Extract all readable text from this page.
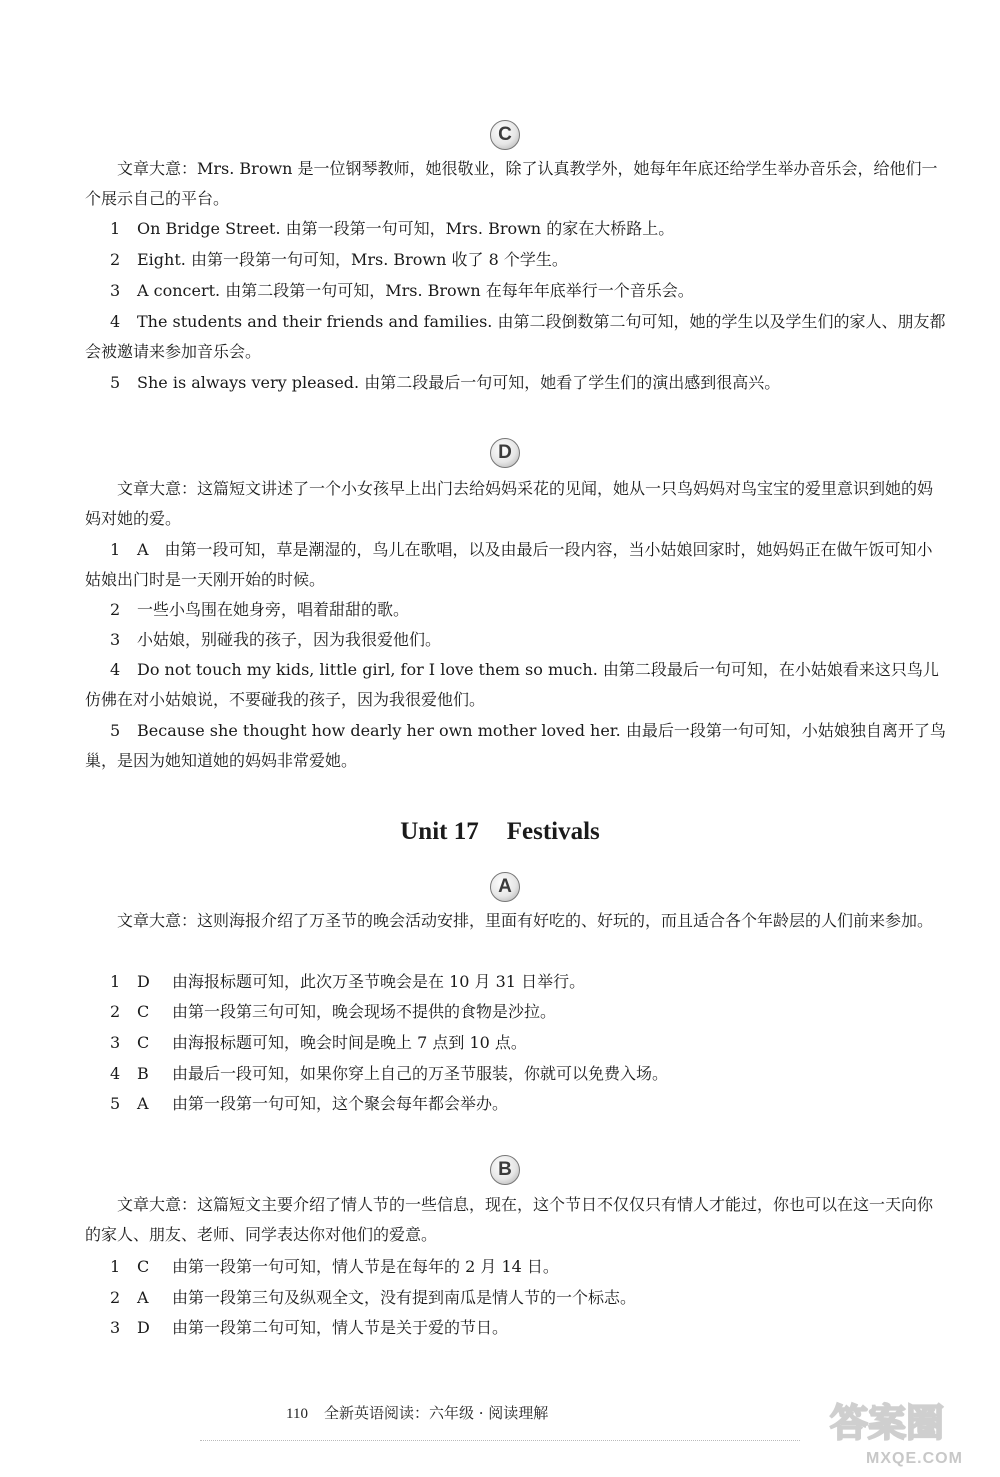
C

文章大意：Mrs. Brown 是一位钢琴教师，她很敬业，除了认真教学外，她每年年底还给学生举办音乐会，给他们一个展示自己的平台。

1 On Bridge Street. 由第一段第一句可知，Mrs. Brown 的家在大桥路上。

2 Eight. 由第一段第一句可知，Mrs. Brown 收了 8 个学生。

3 A concert. 由第二段第一句可知，Mrs. Brown 在每年年底举行一个音乐会。

4 The students and their friends and families. 由第二段倒数第二句可知，她的学生以及学生们的家人、朋友都会被邀请来参加音乐会。

5 She is always very pleased. 由第二段最后一句可知，她看了学生们的演出感到很高兴。

D

文章大意：这篇短文讲述了一个小女孩早上出门去给妈妈采花的见闻，她从一只鸟妈妈对鸟宝宝的爱里意识到她的妈妈对她的爱。

1 A　由第一段可知，草是潮湿的，鸟儿在歌唱，以及由最后一段内容，当小姑娘回家时，她妈妈正在做午饭可知小姑娘出门时是一天刚开始的时候。

2 一些小鸟围在她身旁，唱着甜甜的歌。

3 小姑娘，别碰我的孩子，因为我很爱他们。

4 Do not touch my kids, little girl, for I love them so much. 由第二段最后一句可知，在小姑娘看来这只鸟儿仿佛在对小姑娘说，不要碰我的孩子，因为我很爱他们。

5 Because she thought how dearly her own mother loved her. 由最后一段第一句可知，小姑娘独自离开了鸟巢，是因为她知道她的妈妈非常爱她。

Unit 17 Festivals
A

文章大意：这则海报介绍了万圣节的晚会活动安排，里面有好吃的、好玩的，而且适合各个年龄层的人们前来参加。

1 D 由海报标题可知，此次万圣节晚会是在 10 月 31 日举行。

2 C 由第一段第三句可知，晚会现场不提供的食物是沙拉。

3 C 由海报标题可知，晚会时间是晚上 7 点到 10 点。

4 B 由最后一段可知，如果你穿上自己的万圣节服装，你就可以免费入场。

5 A 由第一段第一句可知，这个聚会每年都会举办。

B

文章大意：这篇短文主要介绍了情人节的一些信息，现在，这个节日不仅仅只有情人才能过，你也可以在这一天向你的家人、朋友、老师、同学表达你对他们的爱意。

1 C 由第一段第一句可知，情人节是在每年的 2 月 14 日。

2 A 由第一段第三句及纵观全文，没有提到南瓜是情人节的一个标志。

3 D 由第一段第二句可知，情人节是关于爱的节日。

110 全新英语阅读：六年级 · 阅读理解	答案圈
MXQE.COM
